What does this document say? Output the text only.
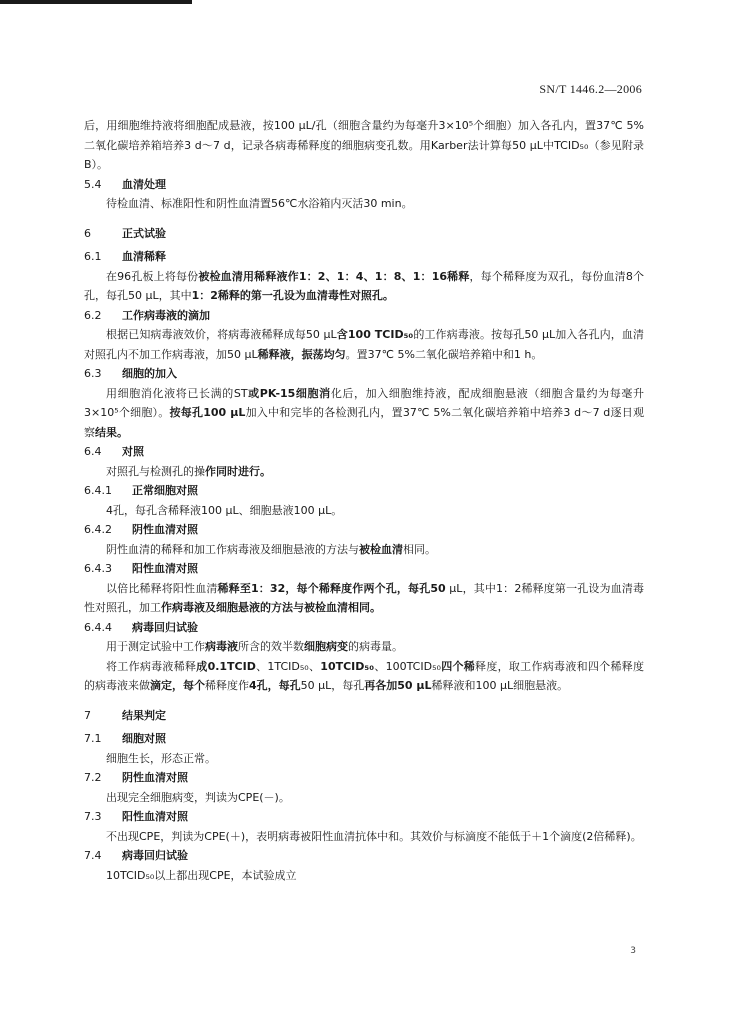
SN/T 1446.2—2006

后，用细胞维持液将细胞配成悬液，按100 μL/孔（细胞含量约为每毫升3×10⁵个细胞）加入各孔内，置37℃ 5%二氧化碳培养箱培养3 d～7 d，记录各病毒稀释度的细胞病变孔数。用Karber法计算每50 μL中TCID₅₀（参见附录B）。

5.4 血清处理

待检血清、标准阳性和阴性血清置56℃水浴箱内灭活30 min。

6	正式试验

6.1 血清稀释

在96孔板上将每份被检血清用稀释液作1：2、1：4、1：8、1：16稀释，每个稀释度为双孔，每份血清8个孔，每孔50 μL，其中1：2稀释的第一孔设为血清毒性对照孔。

6.2 工作病毒液的滴加

根据已知病毒液效价，将病毒液稀释成每50 μL含100 TCID₅₀的工作病毒液。按每孔50 μL加入各孔内，血清对照孔内不加工作病毒液，加50 μL稀释液，振荡均匀。置37℃ 5%二氧化碳培养箱中和1 h。

6.3 细胞的加入

用细胞消化液将已长满的ST或PK-15细胞消化后，加入细胞维持液，配成细胞悬液（细胞含量约为每毫升3×10⁵个细胞）。按每孔100 μL加入中和完毕的各检测孔内，置37℃ 5%二氧化碳培养箱中培养3 d～7 d逐日观察结果。

6.4 对照

对照孔与检测孔的操作同时进行。

6.4.1 正常细胞对照

4孔，每孔含稀释液100 μL、细胞悬液100 μL。

6.4.2 阴性血清对照

阴性血清的稀释和加工作病毒液及细胞悬液的方法与被检血清相同。

6.4.3 阳性血清对照

以倍比稀释将阳性血清稀释至1：32，每个稀释度作两个孔，每孔50 μL，其中1：2稀释度第一孔设为血清毒性对照孔，加工作病毒液及细胞悬液的方法与被检血清相同。

6.4.4 病毒回归试验

用于测定试验中工作病毒液所含的效半数细胞病变的病毒量。

将工作病毒液稀释成0.1TCID、1TCID₅₀、10TCID₅₀、100TCID₅₀四个稀释度，取工作病毒液和四个稀释度的病毒液来做滴定，每个稀释度作4孔，每孔50 μL，每孔再各加50 μL稀释液和100 μL细胞悬液。

7	结果判定

7.1 细胞对照

细胞生长，形态正常。

7.2 阴性血清对照

出现完全细胞病变，判读为CPE(－)。

7.3 阳性血清对照

不出现CPE，判读为CPE(＋)，表明病毒被阳性血清抗体中和。其效价与标滴度不能低于＋1个滴度(2倍稀释)。

7.4 病毒回归试验

10TCID₅₀以上都出现CPE，本试验成立

3
